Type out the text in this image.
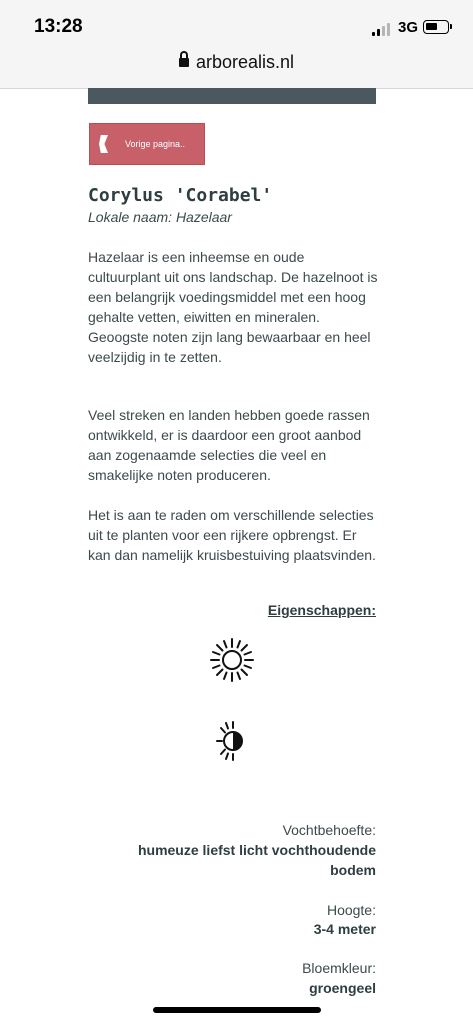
13:28	3G
arborealis.nl
Vorige pagina..
Corylus 'Corabel'
Lokale naam: Hazelaar

Hazelaar is een inheemse en oude cultuurplant uit ons landschap. De hazelnoot is een belangrijk voedingsmiddel met een hoog gehalte vetten, eiwitten en mineralen. Geoogste noten zijn lang bewaarbaar en heel veelzijdig in te zetten.

Veel streken en landen hebben goede rassen ontwikkeld, er is daardoor een groot aanbod aan zogenaamde selecties die veel en smakelijke noten produceren.

Het is aan te raden om verschillende selecties uit te planten voor een rijkere opbrengst. Er kan dan namelijk kruisbestuiving plaatsvinden.

Eigenschappen:
Vochtbehoefte:
humeuze liefst licht vochthoudende bodem
Hoogte:
3-4 meter
Bloemkleur:
groengeel
